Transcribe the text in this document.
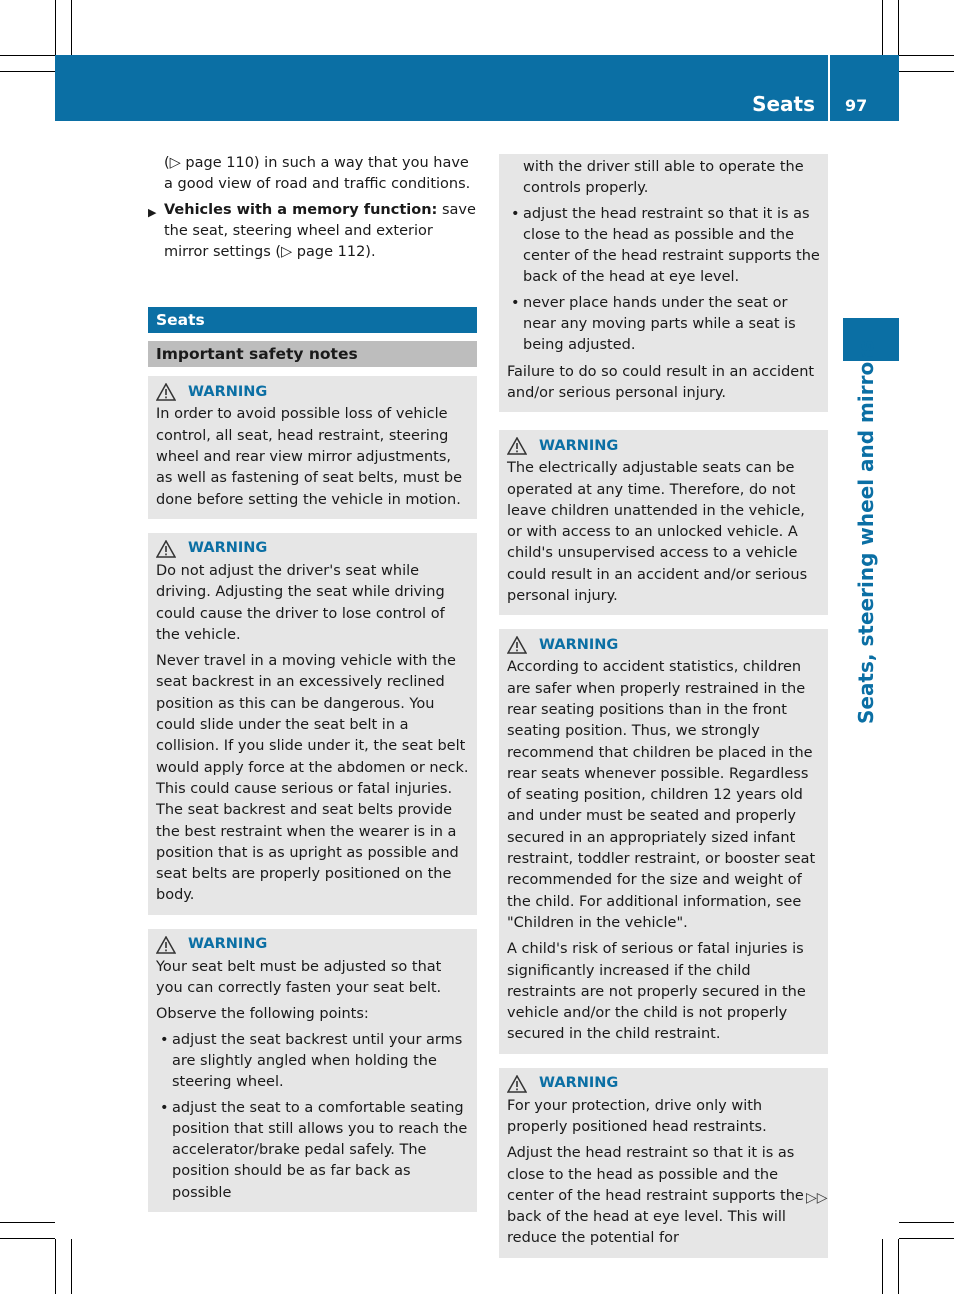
Seats 97
Seats, steering wheel and mirrors

(▷ page 110) in such a way that you have a good view of road and traffic conditions.

▶ Vehicles with a memory function: save the seat, steering wheel and exterior mirror settings (▷ page 112).
Seats
Important safety notes
WARNING

In order to avoid possible loss of vehicle control, all seat, head restraint, steering wheel and rear view mirror adjustments, as well as fastening of seat belts, must be done before setting the vehicle in motion.

WARNING

Do not adjust the driver's seat while driving. Adjusting the seat while driving could cause the driver to lose control of the vehicle.

Never travel in a moving vehicle with the seat backrest in an excessively reclined position as this can be dangerous. You could slide under the seat belt in a collision. If you slide under it, the seat belt would apply force at the abdomen or neck. This could cause serious or fatal injuries. The seat backrest and seat belts provide the best restraint when the wearer is in a position that is as upright as possible and seat belts are properly positioned on the body.

WARNING

Your seat belt must be adjusted so that you can correctly fasten your seat belt.

Observe the following points:

• adjust the seat backrest until your arms are slightly angled when holding the steering wheel.
• adjust the seat to a comfortable seating position that still allows you to reach the accelerator/brake pedal safely. The position should be as far back as possible

with the driver still able to operate the controls properly.

• adjust the head restraint so that it is as close to the head as possible and the center of the head restraint supports the back of the head at eye level.
• never place hands under the seat or near any moving parts while a seat is being adjusted.

Failure to do so could result in an accident and/or serious personal injury.

WARNING

The electrically adjustable seats can be operated at any time. Therefore, do not leave children unattended in the vehicle, or with access to an unlocked vehicle. A child's unsupervised access to a vehicle could result in an accident and/or serious personal injury.

WARNING

According to accident statistics, children are safer when properly restrained in the rear seating positions than in the front seating position. Thus, we strongly recommend that children be placed in the rear seats whenever possible. Regardless of seating position, children 12 years old and under must be seated and properly secured in an appropriately sized infant restraint, toddler restraint, or booster seat recommended for the size and weight of the child. For additional information, see "Children in the vehicle".

A child's risk of serious or fatal injuries is significantly increased if the child restraints are not properly secured in the vehicle and/or the child is not properly secured in the child restraint.

WARNING

For your protection, drive only with properly positioned head restraints.

Adjust the head restraint so that it is as close to the head as possible and the center of the head restraint supports the back of the head at eye level. This will reduce the potential for

▷▷
